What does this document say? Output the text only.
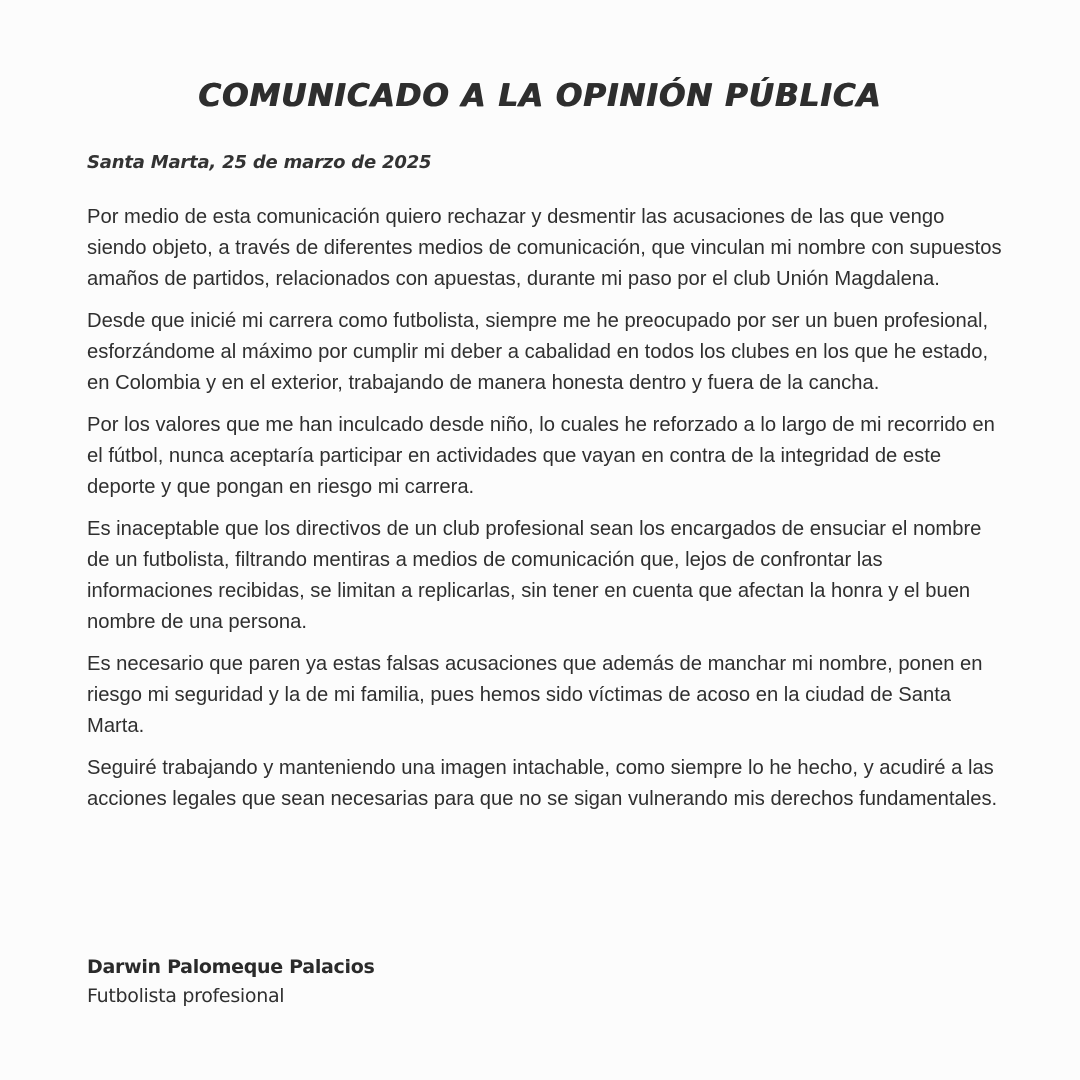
COMUNICADO A LA OPINIÓN PÚBLICA
Santa Marta, 25 de marzo de 2025

Por medio de esta comunicación quiero rechazar y desmentir las acusaciones de las que vengo siendo objeto, a través de diferentes medios de comunicación, que vinculan mi nombre con supuestos amaños de partidos, relacionados con apuestas, durante mi paso por el club Unión Magdalena.

Desde que inicié mi carrera como futbolista, siempre me he preocupado por ser un buen profesional, esforzándome al máximo por cumplir mi deber a cabalidad en todos los clubes en los que he estado, en Colombia y en el exterior, trabajando de manera honesta dentro y fuera de la cancha.

Por los valores que me han inculcado desde niño, lo cuales he reforzado a lo largo de mi recorrido en el fútbol, nunca aceptaría participar en actividades que vayan en contra de la integridad de este deporte y que pongan en riesgo mi carrera.

Es inaceptable que los directivos de un club profesional sean los encargados de ensuciar el nombre de un futbolista, filtrando mentiras a medios de comunicación que, lejos de confrontar las informaciones recibidas, se limitan a replicarlas, sin tener en cuenta que afectan la honra y el buen nombre de una persona.

Es necesario que paren ya estas falsas acusaciones que además de manchar mi nombre, ponen en riesgo mi seguridad y la de mi familia, pues hemos sido víctimas de acoso en la ciudad de Santa Marta.

Seguiré trabajando y manteniendo una imagen intachable, como siempre lo he hecho, y acudiré a las acciones legales que sean necesarias para que no se sigan vulnerando mis derechos fundamentales.

Darwin Palomeque Palacios
Futbolista profesional
